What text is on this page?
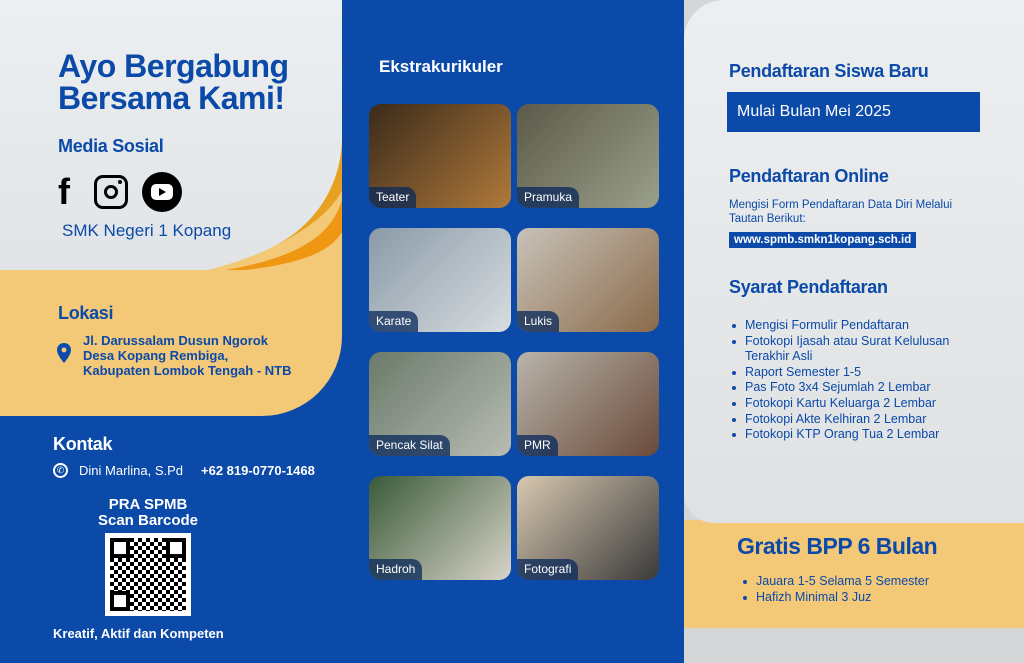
Ayo Bergabung
Bersama Kami!
Media Sosial
f
SMK Negeri 1 Kopang
Lokasi
Jl. Darussalam Dusun Ngorok
Desa Kopang Rembiga,
Kabupaten Lombok Tengah - NTB
Kontak
✆ Dini Marlina, S.Pd +62 819-0770-1468
PRA SPMB
Scan Barcode
Kreatif, Aktif dan Kompeten
Ekstrakurikuler
Teater	Pramuka
Karate	Lukis
Pencak Silat	PMR
Hadroh	Fotografi
Pendaftaran Siswa Baru
Mulai Bulan Mei 2025
Pendaftaran Online
Mengisi Form Pendaftaran Data Diri Melalui Tautan Berikut:
www.spmb.smkn1kopang.sch.id
Syarat Pendaftaran
Mengisi Formulir Pendaftaran
Fotokopi Ijasah atau Surat Kelulusan Terakhir Asli
Raport Semester 1-5
Pas Foto 3x4 Sejumlah 2 Lembar
Fotokopi Kartu Keluarga 2 Lembar
Fotokopi Akte Kelhiran 2 Lembar
Fotokopi KTP Orang Tua 2 Lembar
Gratis BPP 6 Bulan
Jauara 1-5 Selama 5 Semester
Hafizh Minimal 3 Juz
